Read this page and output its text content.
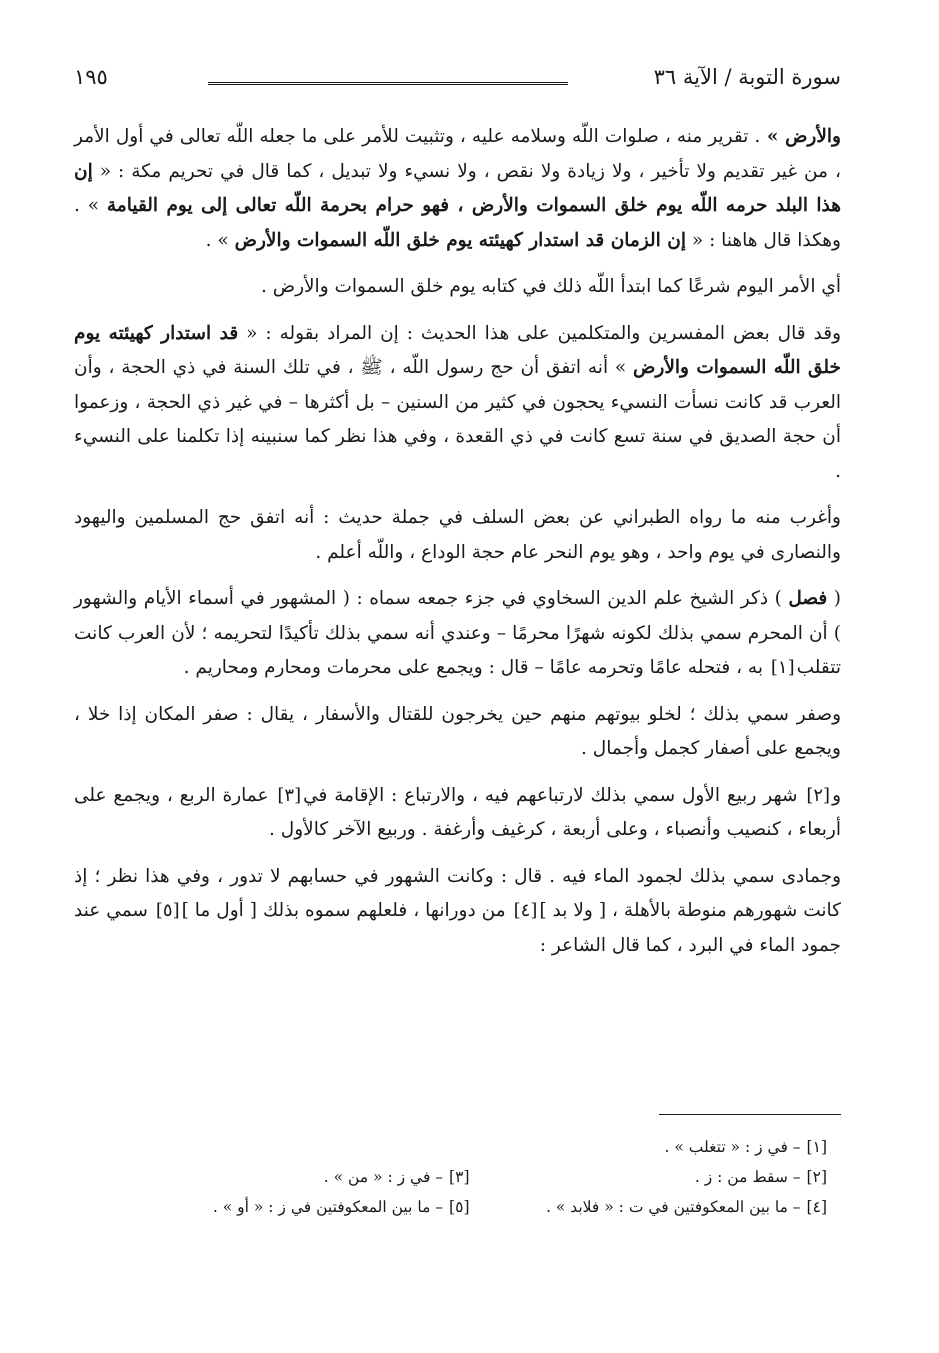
سورة التوبة / الآية ٣٦
١٩٥

والأرض » . تقرير منه ، صلوات اللّه وسلامه عليه ، وتثبيت للأمر على ما جعله اللّه تعالى في أول الأمر ، من غير تقديم ولا تأخير ، ولا زيادة ولا نقص ، ولا نسيء ولا تبديل ، كما قال في تحريم مكة : « إن هذا البلد حرمه اللّه يوم خلق السموات والأرض ، فهو حرام بحرمة اللّه تعالى إلى يوم القيامة » . وهكذا قال هاهنا : « إن الزمان قد استدار كهيئته يوم خلق اللّه السموات والأرض » .

أي الأمر اليوم شرعًا كما ابتدأ اللّه ذلك في كتابه يوم خلق السموات والأرض .

وقد قال بعض المفسرين والمتكلمين على هذا الحديث : إن المراد بقوله : « قد استدار كهيئته يوم خلق اللّه السموات والأرض » أنه اتفق أن حج رسول اللّه ، ﷺ ، في تلك السنة في ذي الحجة ، وأن العرب قد كانت نسأت النسيء يحجون في كثير من السنين – بل أكثرها – في غير ذي الحجة ، وزعموا أن حجة الصديق في سنة تسع كانت في ذي القعدة ، وفي هذا نظر كما سنبينه إذا تكلمنا على النسيء .

وأغرب منه ما رواه الطبراني عن بعض السلف في جملة حديث : أنه اتفق حج المسلمين واليهود والنصارى في يوم واحد ، وهو يوم النحر عام حجة الوداع ، واللّه أعلم .

( فصل ) ذكر الشيخ علم الدين السخاوي في جزء جمعه سماه : ( المشهور في أسماء الأيام والشهور ) أن المحرم سمي بذلك لكونه شهرًا محرمًا – وعندي أنه سمي بذلك تأكيدًا لتحريمه ؛ لأن العرب كانت تتقلب[١] به ، فتحله عامًا وتحرمه عامًا – قال : ويجمع على محرمات ومحارم ومحاريم .

وصفر سمي بذلك ؛ لخلو بيوتهم منهم حين يخرجون للقتال والأسفار ، يقال : صفر المكان إذا خلا ، ويجمع على أصفار كجمل وأجمال .

و[٢] شهر ربيع الأول سمي بذلك لارتباعهم فيه ، والارتباع : الإقامة في[٣] عمارة الربع ، ويجمع على أربعاء ، كنصيب وأنصباء ، وعلى أربعة ، كرغيف وأرغفة . وربيع الآخر كالأول .

وجمادى سمي بذلك لجمود الماء فيه . قال : وكانت الشهور في حسابهم لا تدور ، وفي هذا نظر ؛ إذ كانت شهورهم منوطة بالأهلة ، [ ولا بد ][٤] من دورانها ، فلعلهم سموه بذلك [ أول ما ][٥] سمي عند جمود الماء في البرد ، كما قال الشاعر :

[١]– في ز : « تتغلب » .
[٢]– سقط من : ز .
[٣]– في ز : « من » .
[٤]– ما بين المعكوفتين في ت : « فلابد » .
[٥]– ما بين المعكوفتين في ز : « أو » .
